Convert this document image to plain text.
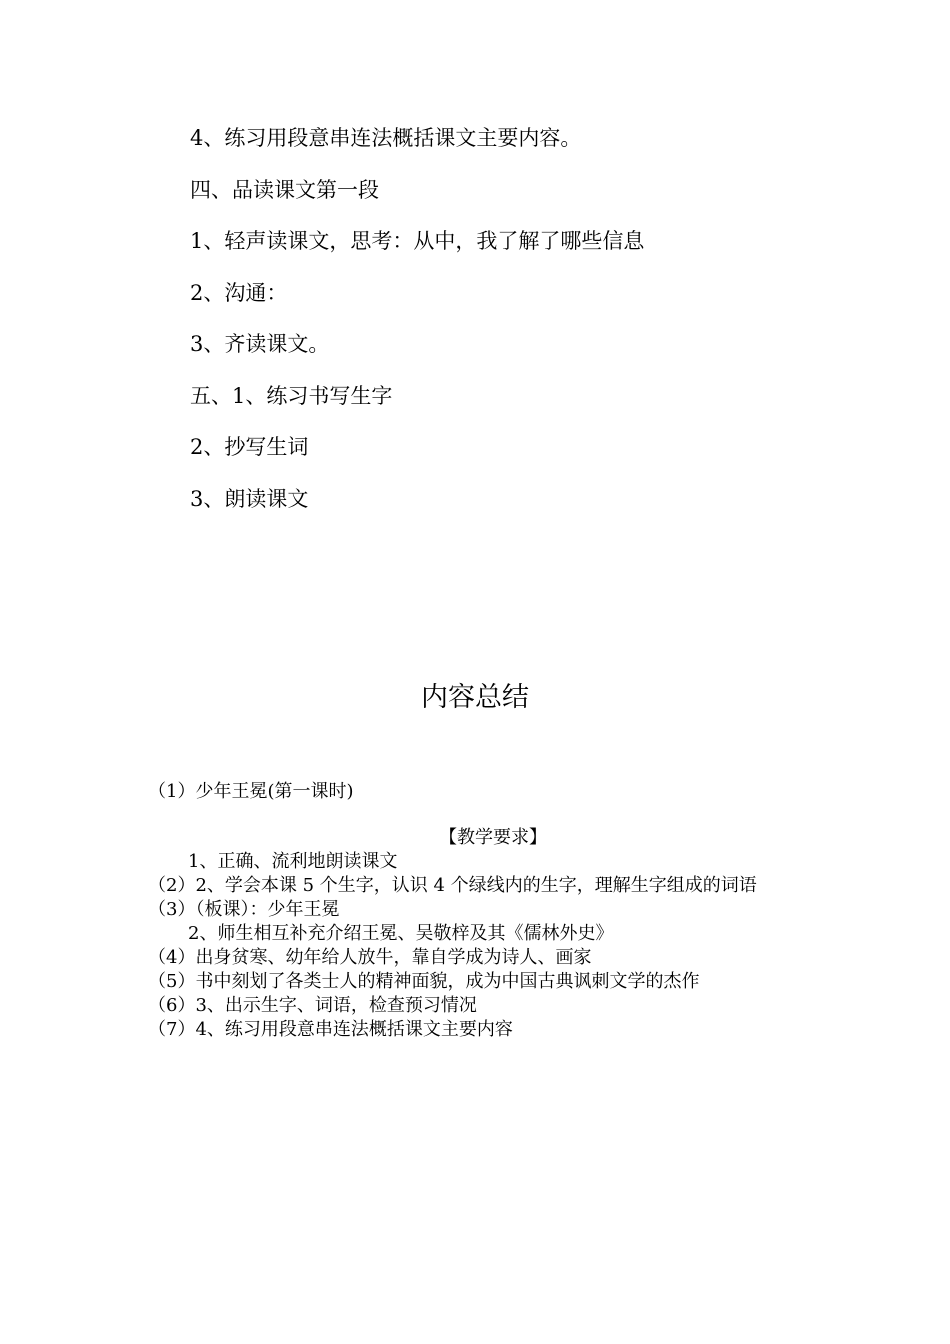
4、练习用段意串连法概括课文主要内容。
四、品读课文第一段
1、轻声读课文，思考：从中，我了解了哪些信息
2、沟通：
3、齐读课文。
五、1、练习书写生字
2、抄写生词
3、朗读课文
内容总结
（1）少年王冕(第一课时)
【教学要求】
1、正确、流利地朗读课文
（2）2、学会本课 5 个生字，认识 4 个绿线内的生字，理解生字组成的词语
（3）（板课）：少年王冕
2、师生相互补充介绍王冕、吴敬梓及其《儒林外史》
（4）出身贫寒、幼年给人放牛，靠自学成为诗人、画家
（5）书中刻划了各类士人的精神面貌，成为中国古典讽刺文学的杰作
（6）3、出示生字、词语，检查预习情况
（7）4、练习用段意串连法概括课文主要内容
